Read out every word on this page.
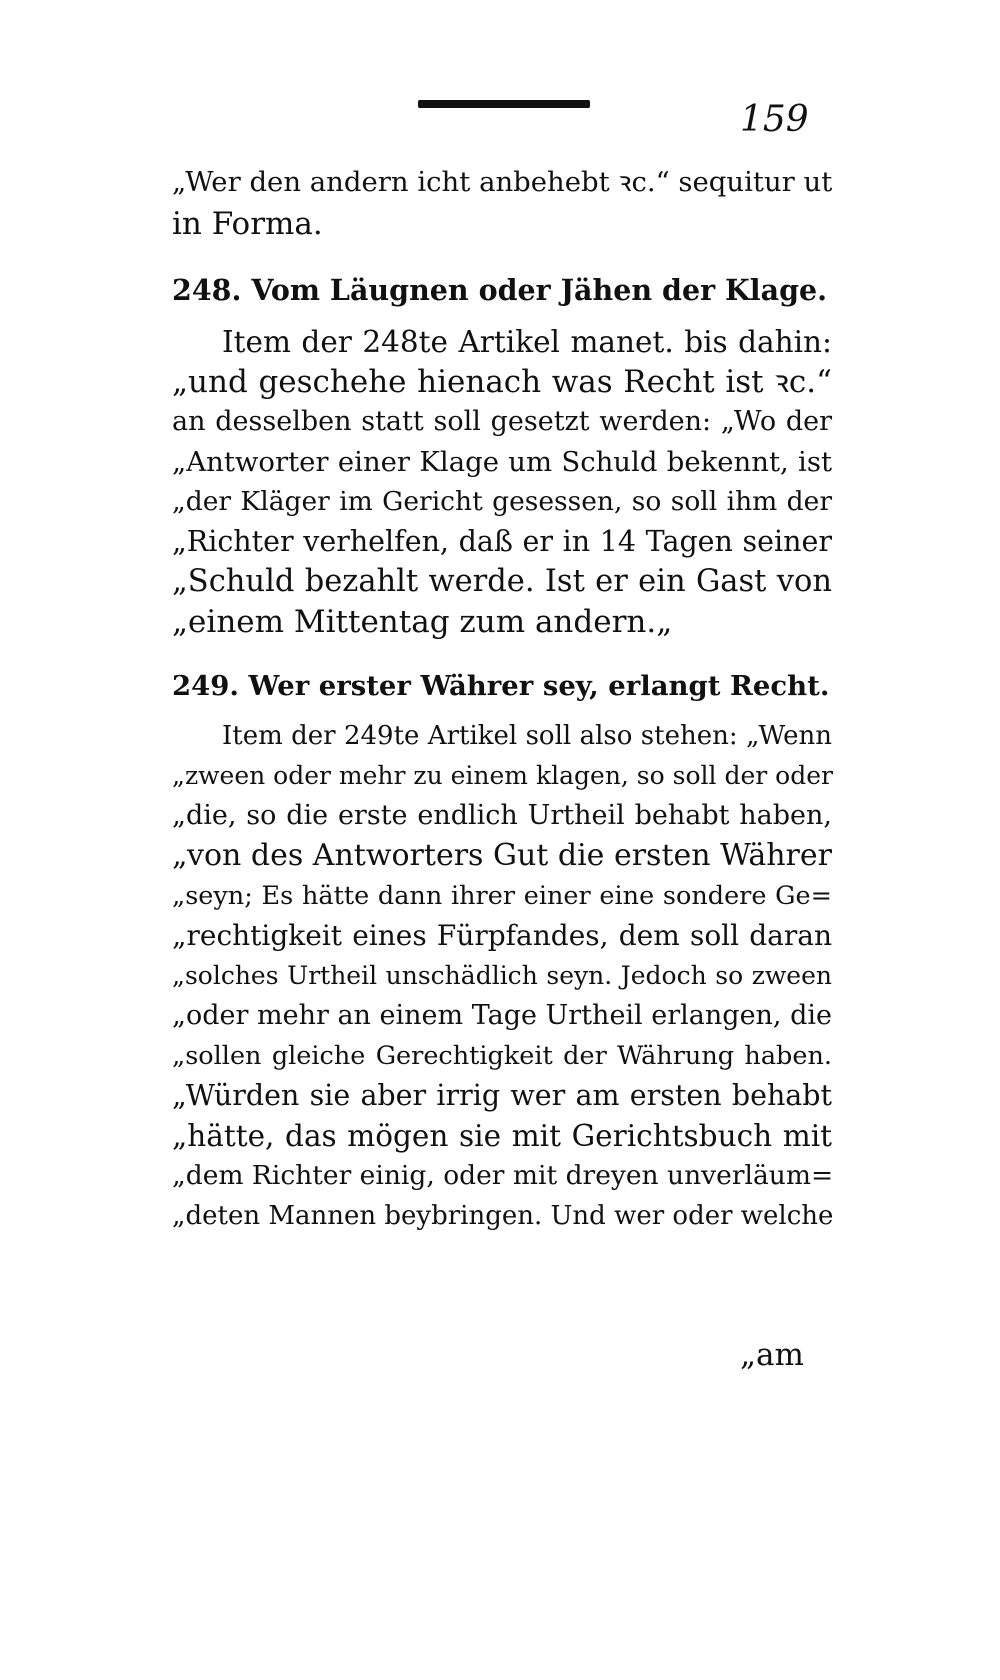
159
„Wer den andern icht anbehebt ꝛc.“ sequitur ut
in Forma.
248. Vom Läugnen oder Jähen der Klage.
Item der 248te Artikel manet. bis dahin:
„und geschehe hienach was Recht ist ꝛc.“
an desselben statt soll gesetzt werden: „Wo der
„Antworter einer Klage um Schuld bekennt, ist
„der Kläger im Gericht gesessen, so soll ihm der
„Richter verhelfen, daß er in 14 Tagen seiner
„Schuld bezahlt werde. Ist er ein Gast von
„einem Mittentag zum andern.„
249. Wer erster Währer sey, erlangt Recht.
Item der 249te Artikel soll also stehen: „Wenn
„zween oder mehr zu einem klagen, so soll der oder
„die, so die erste endlich Urtheil behabt haben,
„von des Antworters Gut die ersten Währer
„seyn; Es hätte dann ihrer einer eine sondere Ge=
„rechtigkeit eines Fürpfandes, dem soll daran
„solches Urtheil unschädlich seyn. Jedoch so zween
„oder mehr an einem Tage Urtheil erlangen, die
„sollen gleiche Gerechtigkeit der Währung haben.
„Würden sie aber irrig wer am ersten behabt
„hätte, das mögen sie mit Gerichtsbuch mit
„dem Richter einig, oder mit dreyen unverläum=
„deten Mannen beybringen. Und wer oder welche
„am
